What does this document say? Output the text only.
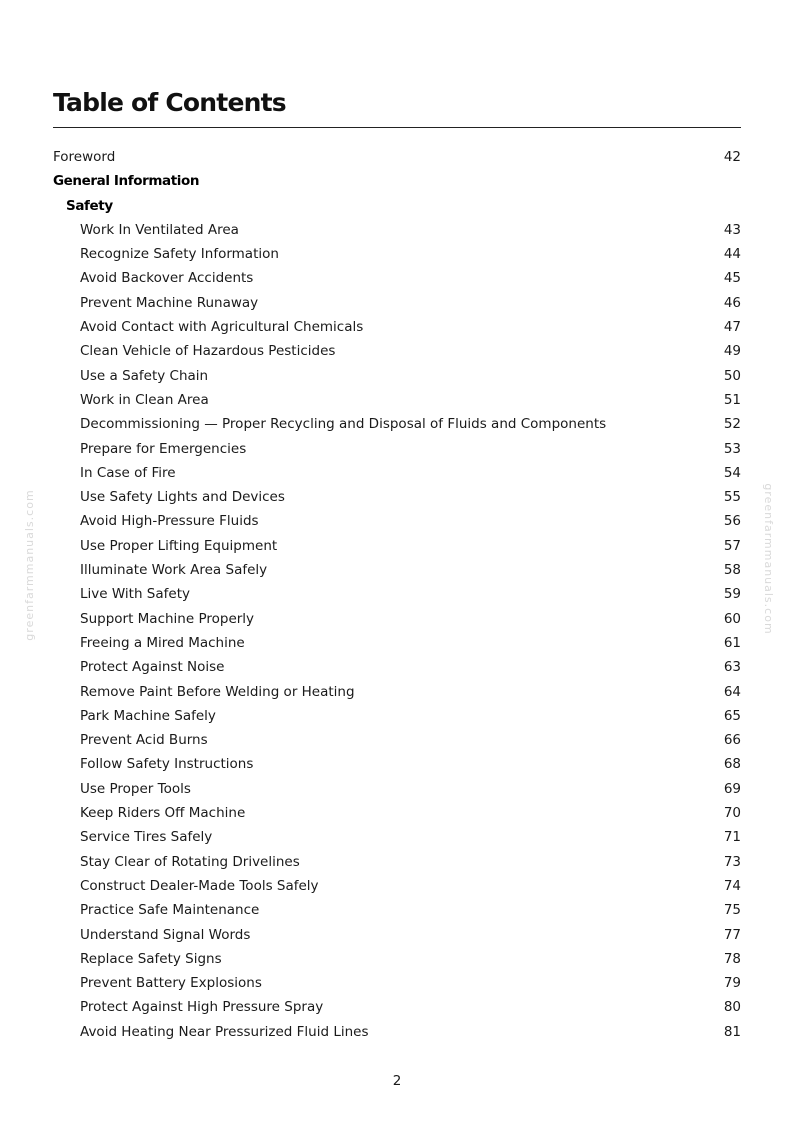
Table of Contents
Foreword	42
General Information
Safety
Work In Ventilated Area	43
Recognize Safety Information	44
Avoid Backover Accidents	45
Prevent Machine Runaway	46
Avoid Contact with Agricultural Chemicals	47
Clean Vehicle of Hazardous Pesticides	49
Use a Safety Chain	50
Work in Clean Area	51
Decommissioning — Proper Recycling and Disposal of Fluids and Components	52
Prepare for Emergencies	53
In Case of Fire	54
Use Safety Lights and Devices	55
Avoid High-Pressure Fluids	56
Use Proper Lifting Equipment	57
Illuminate Work Area Safely	58
Live With Safety	59
Support Machine Properly	60
Freeing a Mired Machine	61
Protect Against Noise	63
Remove Paint Before Welding or Heating	64
Park Machine Safely	65
Prevent Acid Burns	66
Follow Safety Instructions	68
Use Proper Tools	69
Keep Riders Off Machine	70
Service Tires Safely	71
Stay Clear of Rotating Drivelines	73
Construct Dealer-Made Tools Safely	74
Practice Safe Maintenance	75
Understand Signal Words	77
Replace Safety Signs	78
Prevent Battery Explosions	79
Protect Against High Pressure Spray	80
Avoid Heating Near Pressurized Fluid Lines	81
2
greenfarmmanuals.com	greenfarmmanuals.com
